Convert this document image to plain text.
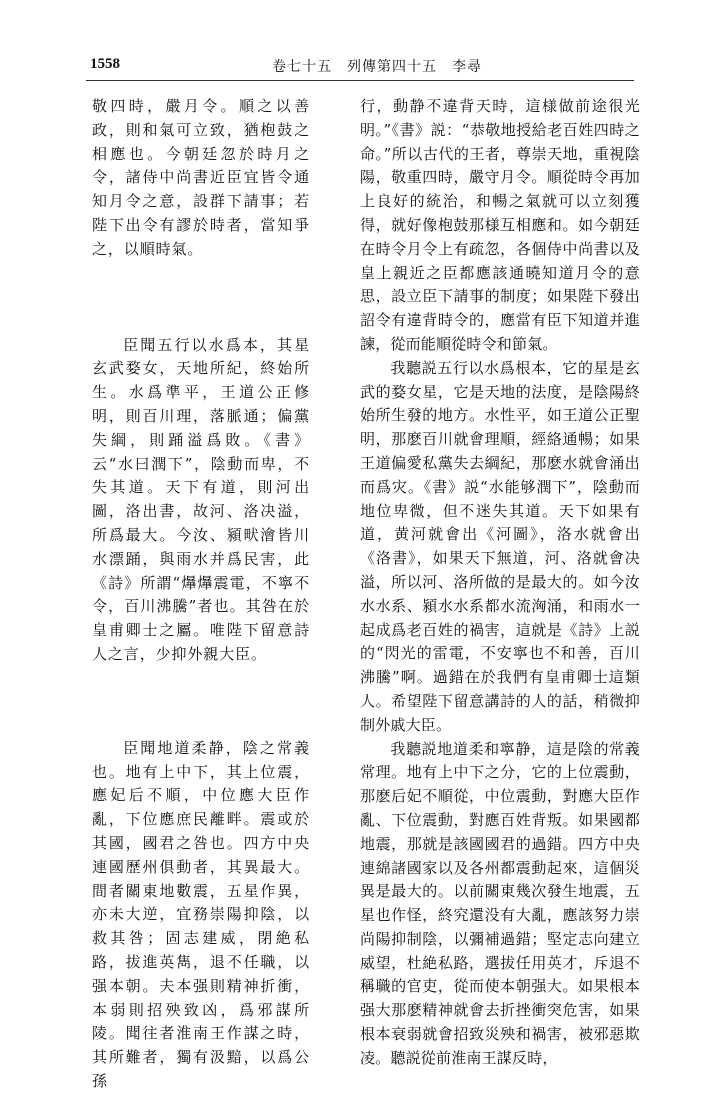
1558	卷七十五　列傳第四十五　李尋

敬四時，嚴月令。順之以善政，則和氣可立致，猶枹鼓之相應也。今朝廷忽於時月之令，諸侍中尚書近臣宜皆令通知月令之意，設群下請事；若陛下出令有謬於時者，當知爭之，以順時氣。

臣聞五行以水爲本，其星玄武婺女，天地所紀，終始所生。水爲準平，王道公正修明，則百川理，落脈通；偏黨失綱，則踊溢爲敗。《書》云“水曰潤下”，陰動而卑，不失其道。天下有道，則河出圖，洛出書，故河、洛决溢，所爲最大。今汝、潁畎澮皆川水漂踊，與雨水并爲民害，此《詩》所謂“爗爗震電，不寧不令，百川沸騰”者也。其咎在於皇甫卿士之屬。唯陛下留意詩人之言，少抑外親大臣。

臣聞地道柔静，陰之常義也。地有上中下，其上位震，應妃后不順，中位應大臣作亂，下位應庶民離畔。震或於其國，國君之咎也。四方中央連國歷州俱動者，其異最大。間者關東地數震，五星作異，亦未大逆，宜務崇陽抑陰，以救其咎；固志建威，閉絶私路，拔進英雋，退不任職，以强本朝。夫本强則精神折衝，本弱則招殃致凶，爲邪謀所陵。聞往者淮南王作謀之時，其所難者，獨有汲黯，以爲公孫

行，動静不違背天時，這様做前途很光明。”《書》説：“恭敬地授給老百姓四時之命。”所以古代的王者，尊崇天地，重視陰陽，敬重四時，嚴守月令。順從時令再加上良好的統治，和暢之氣就可以立刻獲得，就好像枹鼓那様互相應和。如今朝廷在時令月令上有疏忽，各個侍中尚書以及皇上親近之臣都應該通曉知道月令的意思，設立臣下請事的制度；如果陛下發出詔令有違背時令的，應當有臣下知道并進諫，從而能順從時令和節氣。

我聽説五行以水爲根本，它的星是玄武的婺女星，它是天地的法度，是陰陽終始所生發的地方。水性平，如王道公正聖明，那麽百川就會理順，經絡通暢；如果王道偏愛私黨失去綱紀，那麽水就會涌出而爲灾。《書》説“水能够潤下”，陰動而地位卑微，但不迷失其道。天下如果有道，黄河就會出《河圖》，洛水就會出《洛書》，如果天下無道，河、洛就會决溢，所以河、洛所做的是最大的。如今汝水水系、潁水水系都水流洶涌，和雨水一起成爲老百姓的禍害，這就是《詩》上説的“閃光的雷電，不安寧也不和善，百川沸騰”啊。過錯在於我們有皇甫卿士這類人。希望陛下留意講詩的人的話，稍微抑制外戚大臣。

我聽説地道柔和寧静，這是陰的常義常理。地有上中下之分，它的上位震動，那麽后妃不順從，中位震動，對應大臣作亂、下位震動，對應百姓背叛。如果國都地震，那就是該國國君的過錯。四方中央連綿諸國家以及各州都震動起來，這個災異是最大的。以前關東幾次發生地震，五星也作怪，終究還没有大亂，應該努力崇尚陽抑制陰，以彌補過錯；堅定志向建立威望，杜絶私路，選拔任用英才，斥退不稱職的官吏，從而使本朝强大。如果根本强大那麽精神就會去折挫衝突危害，如果根本衰弱就會招致災殃和禍害，被邪惡欺凌。聽説從前淮南王謀反時，
